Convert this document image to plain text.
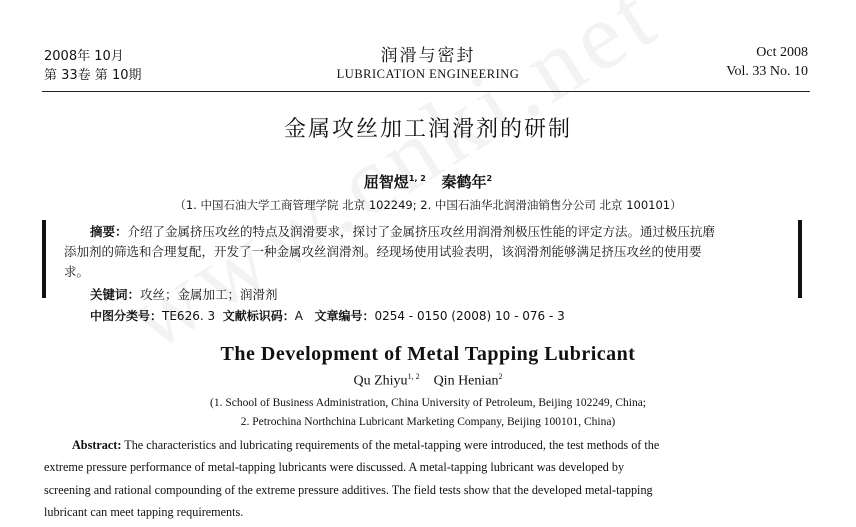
2008年 10月
第 33卷 第 10期
润滑与密封
LUBRICATION ENGINEERING
Oct 2008
Vol. 33 No. 10
金属攻丝加工润滑剂的研制
屈智煜$^{1, 2}$ 秦鹤年$^2$
（1. 中国石油大学工商管理学院 北京 102249; 2. 中国石油华北润滑油销售分公司 北京 100101）
摘要：介绍了金属挤压攻丝的特点及润滑要求，探讨了金属挤压攻丝用润滑剂极压性能的评定方法。通过极压抗磨
添加剂的筛选和合理复配，开发了一种金属攻丝润滑剂。经现场使用试验表明，该润滑剂能够满足挤压攻丝的使用要
求。
关键词：攻丝；金属加工；润滑剂
中图分类号：TE626. 3 文献标识码：A 文章编号：0254 - 0150 (2008) 10 - 076 - 3
The Development of Metal Tapping Lubricant
Qu Zhiyu$^{1, 2}$ Qin Henian$^2$
(1. School of Business Administration, China University of Petroleum, Beijing 102249, China;
2. Petrochina Northchina Lubricant Marketing Company, Beijing 100101, China)
Abstract: The characteristics and lubricating requirements of the metal-tapping were introduced, the test methods of the
extreme pressure performance of metal-tapping lubricants were discussed. A metal-tapping lubricant was developed by
screening and rational compounding of the extreme pressure additives. The field tests show that the developed metal-tapping
lubricant can meet tapping requirements.
